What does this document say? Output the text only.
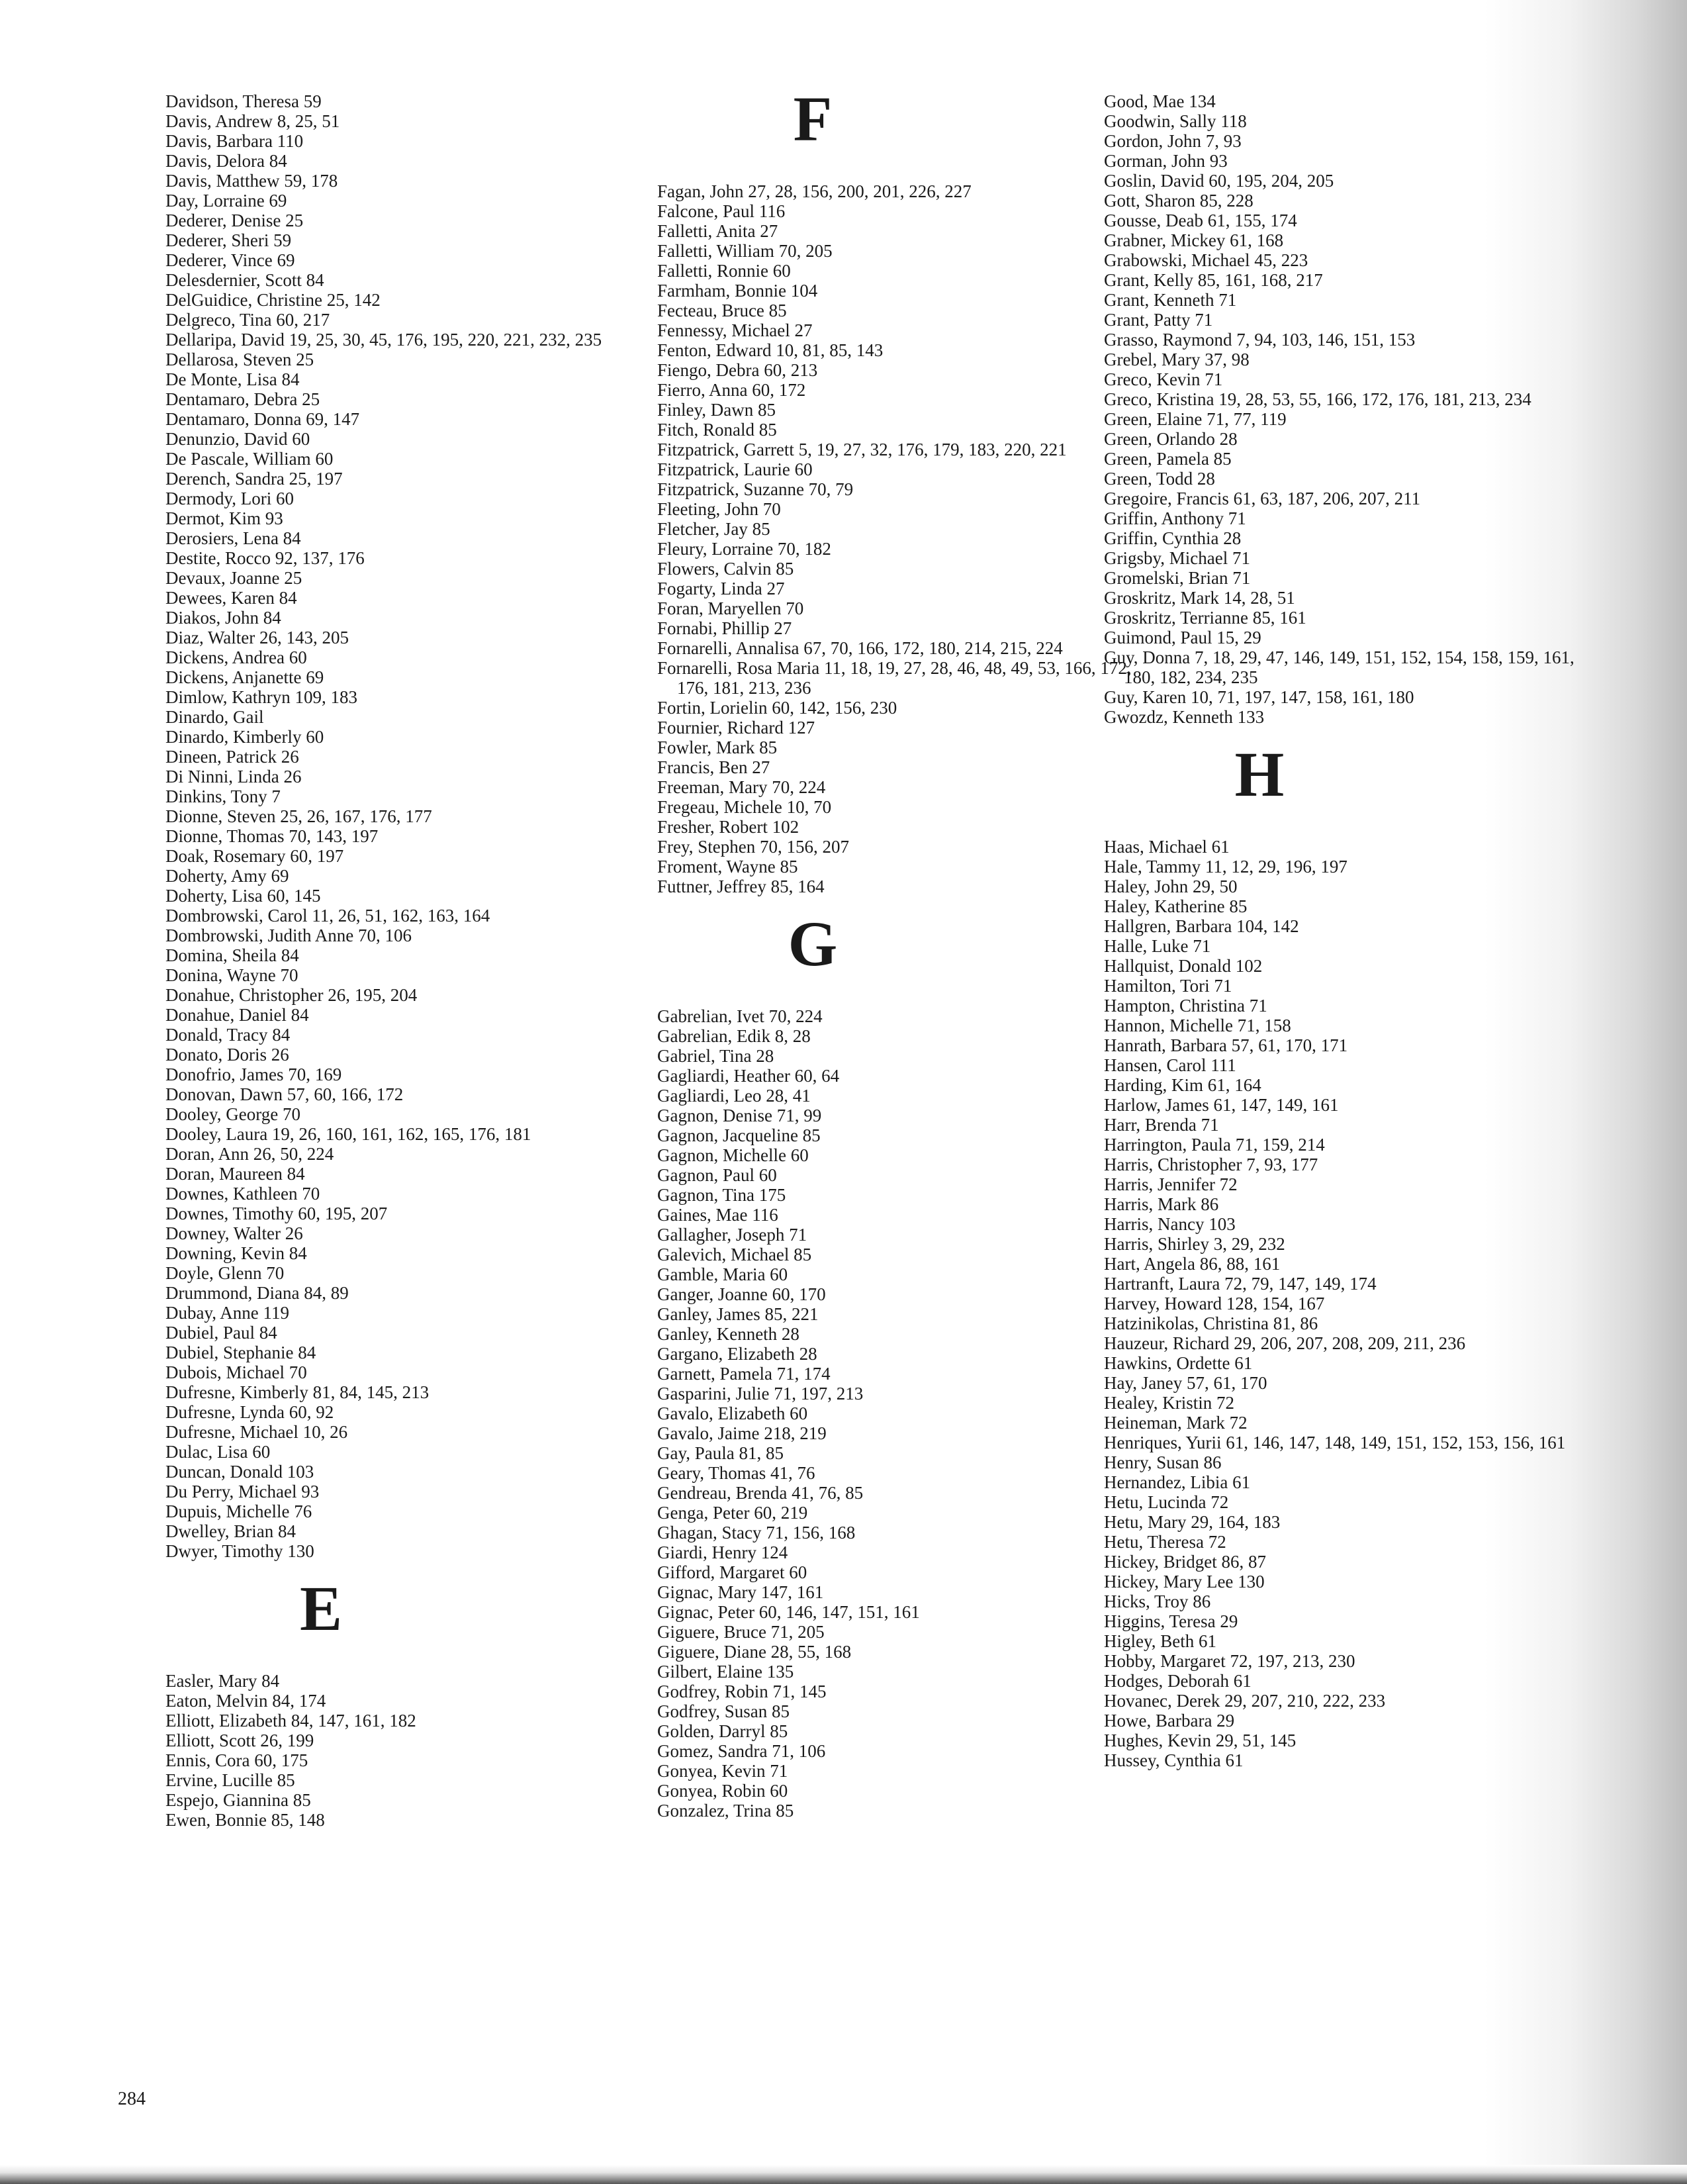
Davidson, Theresa 59
Davis, Andrew 8, 25, 51
Davis, Barbara 110
Davis, Delora 84
Davis, Matthew 59, 178
Day, Lorraine 69
Dederer, Denise 25
Dederer, Sheri 59
Dederer, Vince 69
Delesdernier, Scott 84
DelGuidice, Christine 25, 142
Delgreco, Tina 60, 217
Dellaripa, David 19, 25, 30, 45, 176, 195, 220, 221, 232, 235
Dellarosa, Steven 25
De Monte, Lisa 84
Dentamaro, Debra 25
Dentamaro, Donna 69, 147
Denunzio, David 60
De Pascale, William 60
Derench, Sandra 25, 197
Dermody, Lori 60
Dermot, Kim 93
Derosiers, Lena 84
Destite, Rocco 92, 137, 176
Devaux, Joanne 25
Dewees, Karen 84
Diakos, John 84
Diaz, Walter 26, 143, 205
Dickens, Andrea 60
Dickens, Anjanette 69
Dimlow, Kathryn 109, 183
Dinardo, Gail
Dinardo, Kimberly 60
Dineen, Patrick 26
Di Ninni, Linda 26
Dinkins, Tony 7
Dionne, Steven 25, 26, 167, 176, 177
Dionne, Thomas 70, 143, 197
Doak, Rosemary 60, 197
Doherty, Amy 69
Doherty, Lisa 60, 145
Dombrowski, Carol 11, 26, 51, 162, 163, 164
Dombrowski, Judith Anne 70, 106
Domina, Sheila 84
Donina, Wayne 70
Donahue, Christopher 26, 195, 204
Donahue, Daniel 84
Donald, Tracy 84
Donato, Doris 26
Donofrio, James 70, 169
Donovan, Dawn 57, 60, 166, 172
Dooley, George 70
Dooley, Laura 19, 26, 160, 161, 162, 165, 176, 181
Doran, Ann 26, 50, 224
Doran, Maureen 84
Downes, Kathleen 70
Downes, Timothy 60, 195, 207
Downey, Walter 26
Downing, Kevin 84
Doyle, Glenn 70
Drummond, Diana 84, 89
Dubay, Anne 119
Dubiel, Paul 84
Dubiel, Stephanie 84
Dubois, Michael 70
Dufresne, Kimberly 81, 84, 145, 213
Dufresne, Lynda 60, 92
Dufresne, Michael 10, 26
Dulac, Lisa 60
Duncan, Donald 103
Du Perry, Michael 93
Dupuis, Michelle 76
Dwelley, Brian 84
Dwyer, Timothy 130
E
Easler, Mary 84
Eaton, Melvin 84, 174
Elliott, Elizabeth 84, 147, 161, 182
Elliott, Scott 26, 199
Ennis, Cora 60, 175
Ervine, Lucille 85
Espejo, Giannina 85
Ewen, Bonnie 85, 148
F
Fagan, John 27, 28, 156, 200, 201, 226, 227
Falcone, Paul 116
Falletti, Anita 27
Falletti, William 70, 205
Falletti, Ronnie 60
Farmham, Bonnie 104
Fecteau, Bruce 85
Fennessy, Michael 27
Fenton, Edward 10, 81, 85, 143
Fiengo, Debra 60, 213
Fierro, Anna 60, 172
Finley, Dawn 85
Fitch, Ronald 85
Fitzpatrick, Garrett 5, 19, 27, 32, 176, 179, 183, 220, 221
Fitzpatrick, Laurie 60
Fitzpatrick, Suzanne 70, 79
Fleeting, John 70
Fletcher, Jay 85
Fleury, Lorraine 70, 182
Flowers, Calvin 85
Fogarty, Linda 27
Foran, Maryellen 70
Fornabi, Phillip 27
Fornarelli, Annalisa 67, 70, 166, 172, 180, 214, 215, 224
Fornarelli, Rosa Maria 11, 18, 19, 27, 28, 46, 48, 49, 53, 166, 172, 176, 181, 213, 236
Fortin, Lorielin 60, 142, 156, 230
Fournier, Richard 127
Fowler, Mark 85
Francis, Ben 27
Freeman, Mary 70, 224
Fregeau, Michele 10, 70
Fresher, Robert 102
Frey, Stephen 70, 156, 207
Froment, Wayne 85
Futtner, Jeffrey 85, 164
G
Gabrelian, Ivet 70, 224
Gabrelian, Edik 8, 28
Gabriel, Tina 28
Gagliardi, Heather 60, 64
Gagliardi, Leo 28, 41
Gagnon, Denise 71, 99
Gagnon, Jacqueline 85
Gagnon, Michelle 60
Gagnon, Paul 60
Gagnon, Tina 175
Gaines, Mae 116
Gallagher, Joseph 71
Galevich, Michael 85
Gamble, Maria 60
Ganger, Joanne 60, 170
Ganley, James 85, 221
Ganley, Kenneth 28
Gargano, Elizabeth 28
Garnett, Pamela 71, 174
Gasparini, Julie 71, 197, 213
Gavalo, Elizabeth 60
Gavalo, Jaime 218, 219
Gay, Paula 81, 85
Geary, Thomas 41, 76
Gendreau, Brenda 41, 76, 85
Genga, Peter 60, 219
Ghagan, Stacy 71, 156, 168
Giardi, Henry 124
Gifford, Margaret 60
Gignac, Mary 147, 161
Gignac, Peter 60, 146, 147, 151, 161
Giguere, Bruce 71, 205
Giguere, Diane 28, 55, 168
Gilbert, Elaine 135
Godfrey, Robin 71, 145
Godfrey, Susan 85
Golden, Darryl 85
Gomez, Sandra 71, 106
Gonyea, Kevin 71
Gonyea, Robin 60
Gonzalez, Trina 85
Good, Mae 134
Goodwin, Sally 118
Gordon, John 7, 93
Gorman, John 93
Goslin, David 60, 195, 204, 205
Gott, Sharon 85, 228
Gousse, Deab 61, 155, 174
Grabner, Mickey 61, 168
Grabowski, Michael 45, 223
Grant, Kelly 85, 161, 168, 217
Grant, Kenneth 71
Grant, Patty 71
Grasso, Raymond 7, 94, 103, 146, 151, 153
Grebel, Mary 37, 98
Greco, Kevin 71
Greco, Kristina 19, 28, 53, 55, 166, 172, 176, 181, 213, 234
Green, Elaine 71, 77, 119
Green, Orlando 28
Green, Pamela 85
Green, Todd 28
Gregoire, Francis 61, 63, 187, 206, 207, 211
Griffin, Anthony 71
Griffin, Cynthia 28
Grigsby, Michael 71
Gromelski, Brian 71
Groskritz, Mark 14, 28, 51
Groskritz, Terrianne 85, 161
Guimond, Paul 15, 29
Guy, Donna 7, 18, 29, 47, 146, 149, 151, 152, 154, 158, 159, 161, 180, 182, 234, 235
Guy, Karen 10, 71, 197, 147, 158, 161, 180
Gwozdz, Kenneth 133
H
Haas, Michael 61
Hale, Tammy 11, 12, 29, 196, 197
Haley, John 29, 50
Haley, Katherine 85
Hallgren, Barbara 104, 142
Halle, Luke 71
Hallquist, Donald 102
Hamilton, Tori 71
Hampton, Christina 71
Hannon, Michelle 71, 158
Hanrath, Barbara 57, 61, 170, 171
Hansen, Carol 111
Harding, Kim 61, 164
Harlow, James 61, 147, 149, 161
Harr, Brenda 71
Harrington, Paula 71, 159, 214
Harris, Christopher 7, 93, 177
Harris, Jennifer 72
Harris, Mark 86
Harris, Nancy 103
Harris, Shirley 3, 29, 232
Hart, Angela 86, 88, 161
Hartranft, Laura 72, 79, 147, 149, 174
Harvey, Howard 128, 154, 167
Hatzinikolas, Christina 81, 86
Hauzeur, Richard 29, 206, 207, 208, 209, 211, 236
Hawkins, Ordette 61
Hay, Janey 57, 61, 170
Healey, Kristin 72
Heineman, Mark 72
Henriques, Yurii 61, 146, 147, 148, 149, 151, 152, 153, 156, 161
Henry, Susan 86
Hernandez, Libia 61
Hetu, Lucinda 72
Hetu, Mary 29, 164, 183
Hetu, Theresa 72
Hickey, Bridget 86, 87
Hickey, Mary Lee 130
Hicks, Troy 86
Higgins, Teresa 29
Higley, Beth 61
Hobby, Margaret 72, 197, 213, 230
Hodges, Deborah 61
Hovanec, Derek 29, 207, 210, 222, 233
Howe, Barbara 29
Hughes, Kevin 29, 51, 145
Hussey, Cynthia 61
284
